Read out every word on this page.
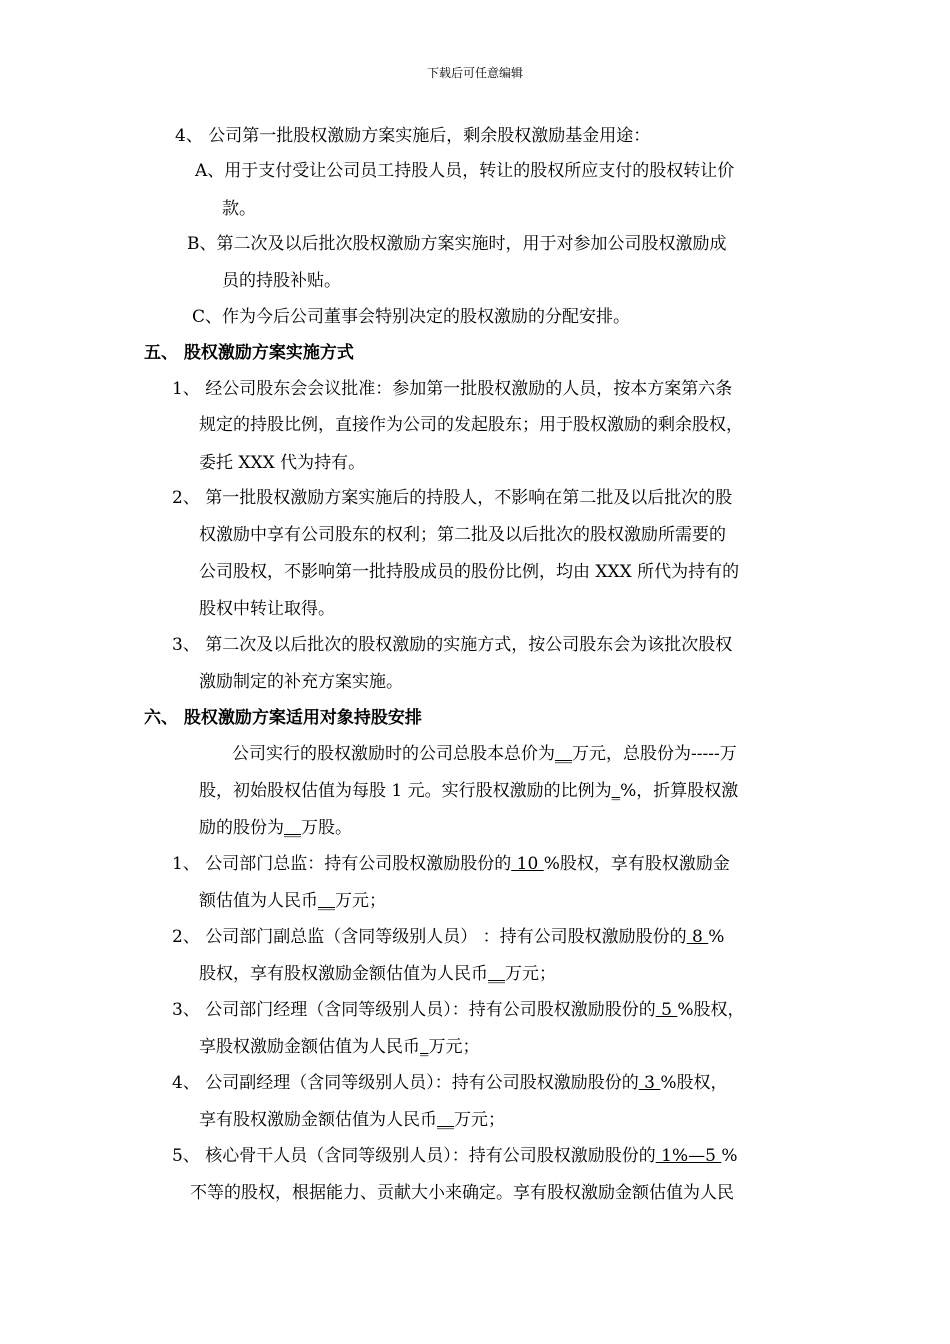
下载后可任意编辑
4、 公司第一批股权激励方案实施后，剩余股权激励基金用途：
A、用于支付受让公司员工持股人员，转让的股权所应支付的股权转让价
款。
B、第二次及以后批次股权激励方案实施时，用于对参加公司股权激励成
员的持股补贴。
C、作为今后公司董事会特别决定的股权激励的分配安排。
五、 股权激励方案实施方式
1、 经公司股东会会议批准：参加第一批股权激励的人员，按本方案第六条
规定的持股比例，直接作为公司的发起股东；用于股权激励的剩余股权，
委托 XXX 代为持有。
2、 第一批股权激励方案实施后的持股人，不影响在第二批及以后批次的股
权激励中享有公司股东的权利；第二批及以后批次的股权激励所需要的
公司股权，不影响第一批持股成员的股份比例，均由 XXX 所代为持有的
股权中转让取得。
3、 第二次及以后批次的股权激励的实施方式，按公司股东会为该批次股权
激励制定的补充方案实施。
六、 股权激励方案适用对象持股安排
公司实行的股权激励时的公司总股本总价为__万元，总股份为-----万
股，初始股权估值为每股 1 元。实行股权激励的比例为_%，折算股权激
励的股份为__万股。
1、 公司部门总监：持有公司股权激励股份的 10 %股权，享有股权激励金
额估值为人民币__万元；
2、 公司部门副总监（含同等级别人员） ：持有公司股权激励股份的 8 %
股权，享有股权激励金额估值为人民币__万元；
3、 公司部门经理（含同等级别人员）：持有公司股权激励股份的 5 %股权，
享股权激励金额估值为人民币_万元；
4、 公司副经理（含同等级别人员）：持有公司股权激励股份的 3 %股权，
享有股权激励金额估值为人民币__万元；
5、 核心骨干人员（含同等级别人员）：持有公司股权激励股份的 1%—5 %
不等的股权，根据能力、贡献大小来确定。享有股权激励金额估值为人民
